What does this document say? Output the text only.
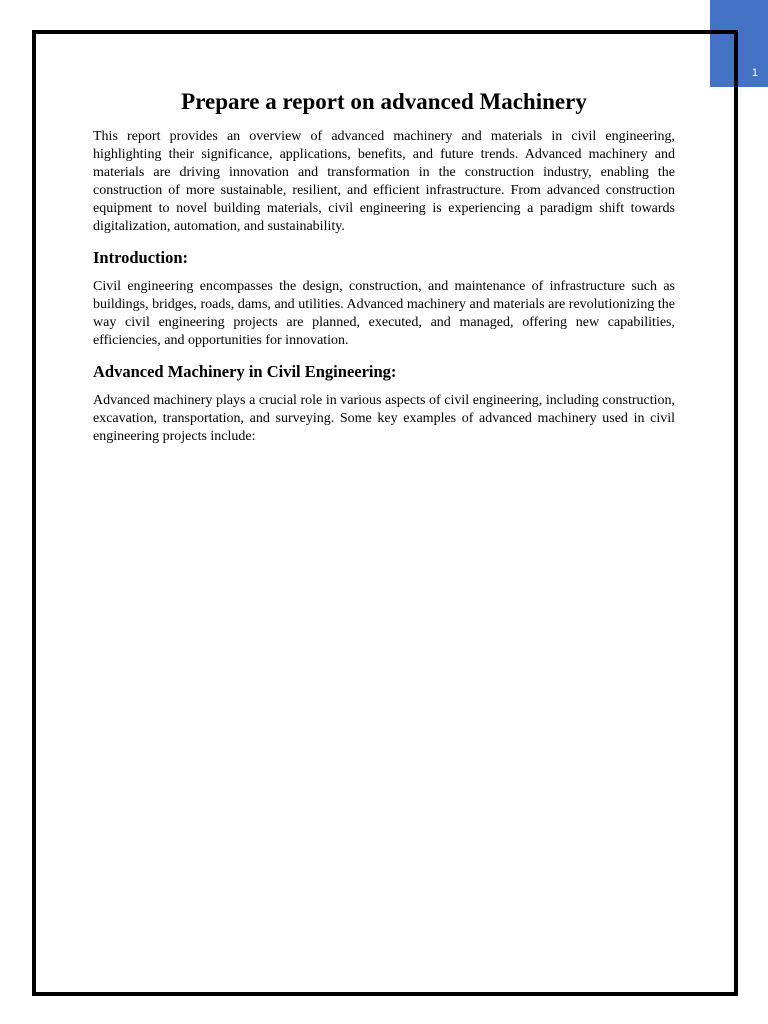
1
Prepare a report on advanced Machinery

This report provides an overview of advanced machinery and materials in civil engineering, highlighting their significance, applications, benefits, and future trends. Advanced machinery and materials are driving innovation and transformation in the construction industry, enabling the construction of more sustainable, resilient, and efficient infrastructure. From advanced construction equipment to novel building materials, civil engineering is experiencing a paradigm shift towards digitalization, automation, and sustainability.

Introduction:

Civil engineering encompasses the design, construction, and maintenance of infrastructure such as buildings, bridges, roads, dams, and utilities. Advanced machinery and materials are revolutionizing the way civil engineering projects are planned, executed, and managed, offering new capabilities, efficiencies, and opportunities for innovation.

Advanced Machinery in Civil Engineering:

Advanced machinery plays a crucial role in various aspects of civil engineering, including construction, excavation, transportation, and surveying. Some key examples of advanced machinery used in civil engineering projects include:
